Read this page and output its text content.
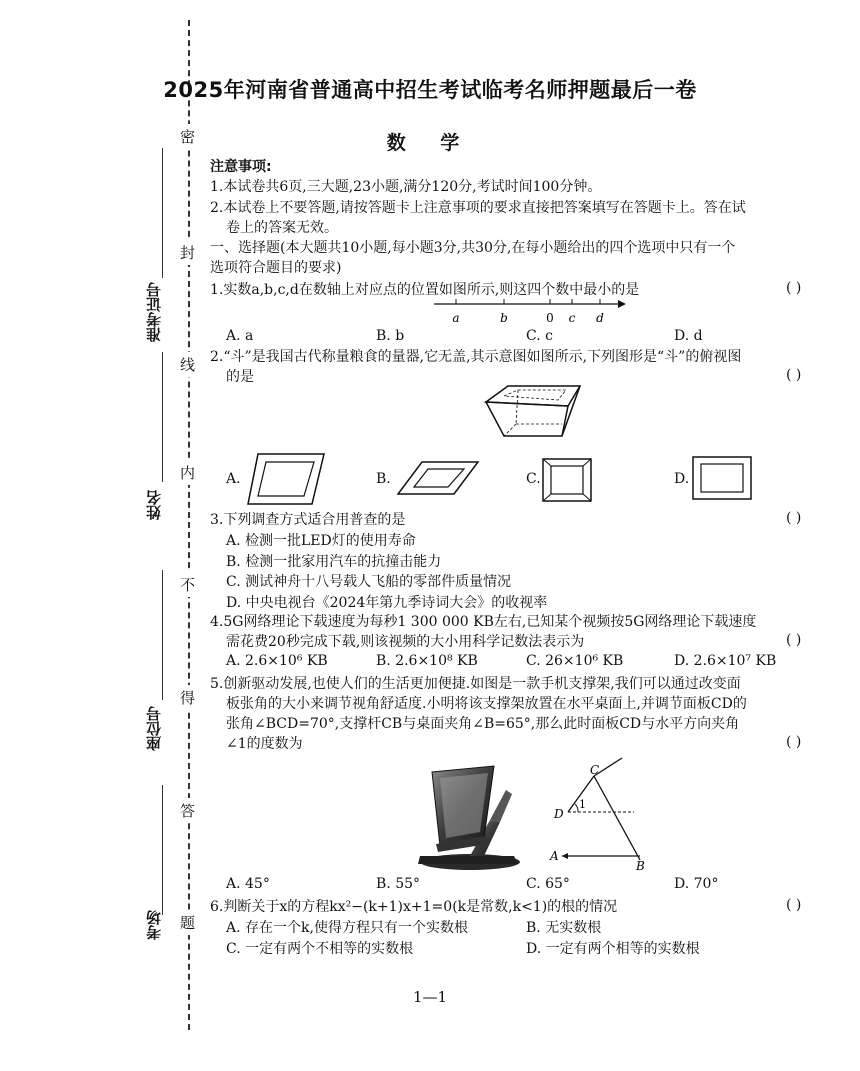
密
封
线
内
不
得
答
题
准考证号
姓名
座位号
考场
2025年河南省普通高中招生考试临考名师押题最后一卷
数 学
注意事项:
1.本试卷共6页,三大题,23小题,满分120分,考试时间100分钟。
2.本试卷上不要答题,请按答题卡上注意事项的要求直接把答案填写在答题卡上。答在试
卷上的答案无效。
一、选择题(本大题共10小题,每小题3分,共30分,在每小题给出的四个选项中只有一个
选项符合题目的要求)
1.实数a,b,c,d在数轴上对应点的位置如图所示,则这四个数中最小的是	( )
a	b	0 c d
A. a	B. b	C. c	D. d
2.“斗”是我国古代称量粮食的量器,它无盖,其示意图如图所示,下列图形是“斗”的俯视图
的是	( )
A.	B.	C.	D.
3.下列调查方式适合用普查的是	( )
A. 检测一批LED灯的使用寿命
B. 检测一批家用汽车的抗撞击能力
C. 测试神舟十八号载人飞船的零部件质量情况
D. 中央电视台《2024年第九季诗词大会》的收视率
4.5G网络理论下载速度为每秒1 300 000 KB左右,已知某个视频按5G网络理论下载速度
需花费20秒完成下载,则该视频的大小用科学记数法表示为	( )
A. 2.6×10⁶ KB	B. 2.6×10⁸ KB	C. 26×10⁶ KB	D. 2.6×10⁷ KB
5.创新驱动发展,也使人们的生活更加便捷.如图是一款手机支撑架,我们可以通过改变面
板张角的大小来调节视角舒适度.小明将该支撑架放置在水平桌面上,并调节面板CD的
张角∠BCD=70°,支撑杆CB与桌面夹角∠B=65°,那么此时面板CD与水平方向夹角
∠1的度数为	( )
C
D
1
A
B
A. 45°	B. 55°	C. 65°	D. 70°
6.判断关于x的方程kx²−(k+1)x+1=0(k是常数,k<1)的根的情况	( )
A. 存在一个k,使得方程只有一个实数根	B. 无实数根
C. 一定有两个不相等的实数根	D. 一定有两个相等的实数根
1—1
